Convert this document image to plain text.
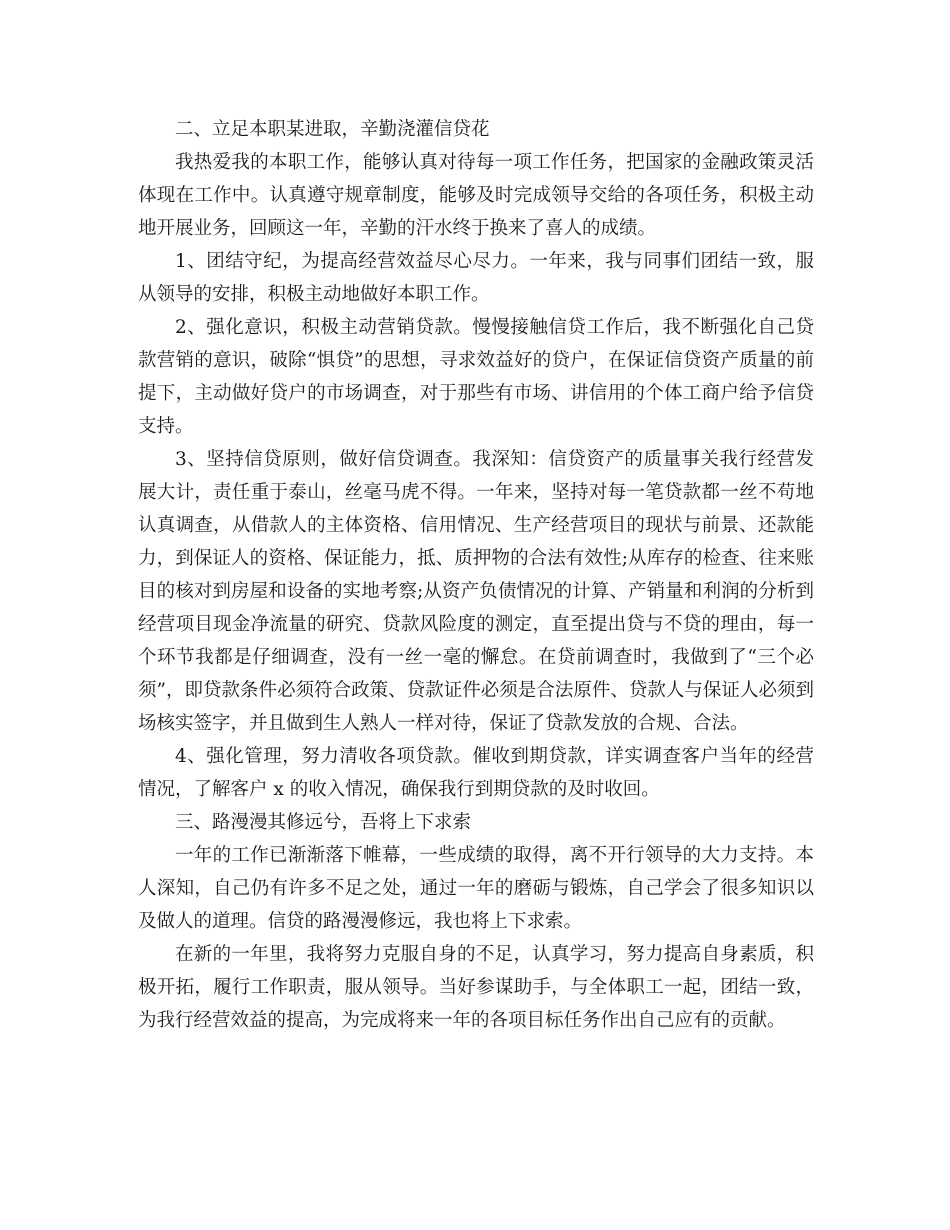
二、立足本职某进取，辛勤浇灌信贷花

我热爱我的本职工作，能够认真对待每一项工作任务，把国家的金融政策灵活体现在工作中。认真遵守规章制度，能够及时完成领导交给的各项任务，积极主动地开展业务，回顾这一年，辛勤的汗水终于换来了喜人的成绩。

1、团结守纪，为提高经营效益尽心尽力。一年来，我与同事们团结一致，服从领导的安排，积极主动地做好本职工作。

2、强化意识，积极主动营销贷款。慢慢接触信贷工作后，我不断强化自己贷款营销的意识，破除“惧贷”的思想，寻求效益好的贷户，在保证信贷资产质量的前提下，主动做好贷户的市场调查，对于那些有市场、讲信用的个体工商户给予信贷支持。

3、坚持信贷原则，做好信贷调查。我深知：信贷资产的质量事关我行经营发展大计，责任重于泰山，丝毫马虎不得。一年来，坚持对每一笔贷款都一丝不苟地认真调查，从借款人的主体资格、信用情况、生产经营项目的现状与前景、还款能力，到保证人的资格、保证能力，抵、质押物的合法有效性;从库存的检查、往来账目的核对到房屋和设备的实地考察;从资产负债情况的计算、产销量和利润的分析到经营项目现金净流量的研究、贷款风险度的测定，直至提出贷与不贷的理由，每一个环节我都是仔细调查，没有一丝一毫的懈怠。在贷前调查时，我做到了“三个必须”，即贷款条件必须符合政策、贷款证件必须是合法原件、贷款人与保证人必须到场核实签字，并且做到生人熟人一样对待，保证了贷款发放的合规、合法。

4、强化管理，努力清收各项贷款。催收到期贷款，详实调查客户当年的经营情况，了解客户 x 的收入情况，确保我行到期贷款的及时收回。

三、路漫漫其修远兮，吾将上下求索

一年的工作已渐渐落下帷幕，一些成绩的取得，离不开行领导的大力支持。本人深知，自己仍有许多不足之处，通过一年的磨砺与锻炼，自己学会了很多知识以及做人的道理。信贷的路漫漫修远，我也将上下求索。

在新的一年里，我将努力克服自身的不足，认真学习，努力提高自身素质，积极开拓，履行工作职责，服从领导。当好参谋助手，与全体职工一起，团结一致，为我行经营效益的提高，为完成将来一年的各项目标任务作出自己应有的贡献。
